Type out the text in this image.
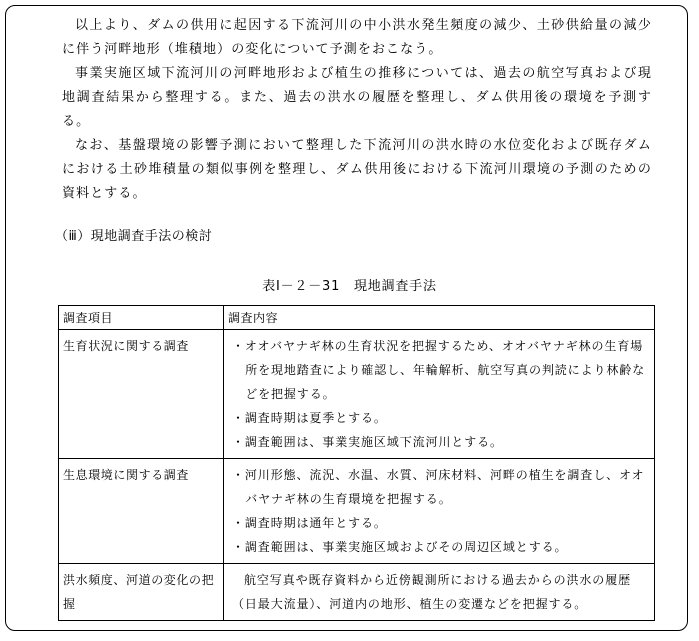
以上より、ダムの供用に起因する下流河川の中小洪水発生頻度の減少、土砂供給量の減少に伴う河畔地形（堆積地）の変化について予測をおこなう。

事業実施区域下流河川の河畔地形および植生の推移については、過去の航空写真および現地調査結果から整理する。また、過去の洪水の履歴を整理し、ダム供用後の環境を予測する。

なお、基盤環境の影響予測において整理した下流河川の洪水時の水位変化および既存ダムにおける土砂堆積量の類似事例を整理し、ダム供用後における下流河川環境の予測のための資料とする。

（ⅲ）現地調査手法の検討

表Ⅰ－２－31　現地調査手法

調査項目	調査内容
生育状況に関する調査	・オオバヤナギ林の生育状況を把握するため、オオバヤナギ林の生育場所を現地踏査により確認し、年輪解析、航空写真の判読により林齢などを把握する。

・調査時期は夏季とする。

・調査範囲は、事業実施区域下流河川とする。

生息環境に関する調査	・河川形態、流況、水温、水質、河床材料、河畔の植生を調査し、オオバヤナギ林の生育環境を把握する。

・調査時期は通年とする。

・調査範囲は、事業実施区域およびその周辺区域とする。

洪水頻度、河道の変化の把握	航空写真や既存資料から近傍観測所における過去からの洪水の履歴（日最大流量）、河道内の地形、植生の変遷などを把握する。
